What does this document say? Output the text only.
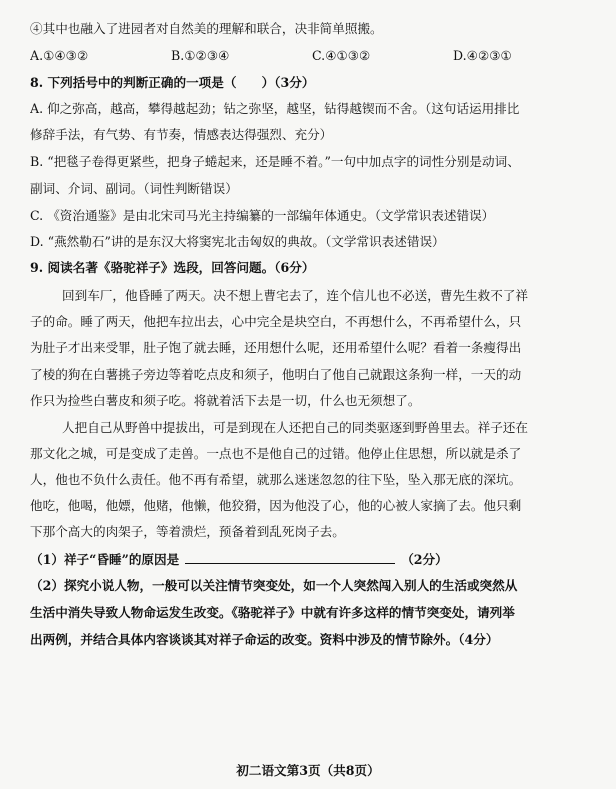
④其中也融入了进园者对自然美的理解和联合，决非简单照搬。
A.①④③②	B.①②③④	C.④①③②	D.④②③①
8. 下列括号中的判断正确的一项是（　　）（3分）
A. 仰之弥高，越高，攀得越起劲；钻之弥坚，越坚，钻得越锲而不舍。（这句话运用排比
修辞手法，有气势、有节奏，情感表达得强烈、充分）
B. “把毯子卷得更紧些，把身子蜷起来，还是睡不着。”一句中加点字的词性分别是动词、
副词、介词、副词。（词性判断错误）
C. 《资治通鉴》是由北宋司马光主持编纂的一部编年体通史。（文学常识表述错误）
D. “燕然勒石”讲的是东汉大将窦宪北击匈奴的典故。（文学常识表述错误）
9. 阅读名著《骆驼祥子》选段，回答问题。（6分）
回到车厂，他昏睡了两天。决不想上曹宅去了，连个信儿也不必送，曹先生救不了祥
子的命。睡了两天，他把车拉出去，心中完全是块空白，不再想什么，不再希望什么，只
为肚子才出来受罪，肚子饱了就去睡，还用想什么呢，还用希望什么呢？看着一条瘦得出
了棱的狗在白薯挑子旁边等着吃点皮和须子，他明白了他自己就跟这条狗一样，一天的动
作只为捡些白薯皮和须子吃。将就着活下去是一切，什么也无须想了。
人把自己从野兽中提拔出，可是到现在人还把自己的同类驱逐到野兽里去。祥子还在
那文化之城，可是变成了走兽。一点也不是他自己的过错。他停止住思想，所以就是杀了
人，他也不负什么责任。他不再有希望，就那么迷迷忽忽的往下坠，坠入那无底的深坑。
他吃，他喝，他嫖，他赌，他懒，他狡猾，因为他没了心，他的心被人家摘了去。他只剩
下那个高大的肉架子，等着溃烂，预备着到乱死岗子去。
（1）祥子“昏睡”的原因是	（2分）
（2）探究小说人物，一般可以关注情节突变处，如一个人突然闯入别人的生活或突然从
生活中消失导致人物命运发生改变。《骆驼祥子》中就有许多这样的情节突变处，请列举
出两例，并结合具体内容谈谈其对祥子命运的改变。资料中涉及的情节除外。（4分）
初二语文第3页（共8页）
